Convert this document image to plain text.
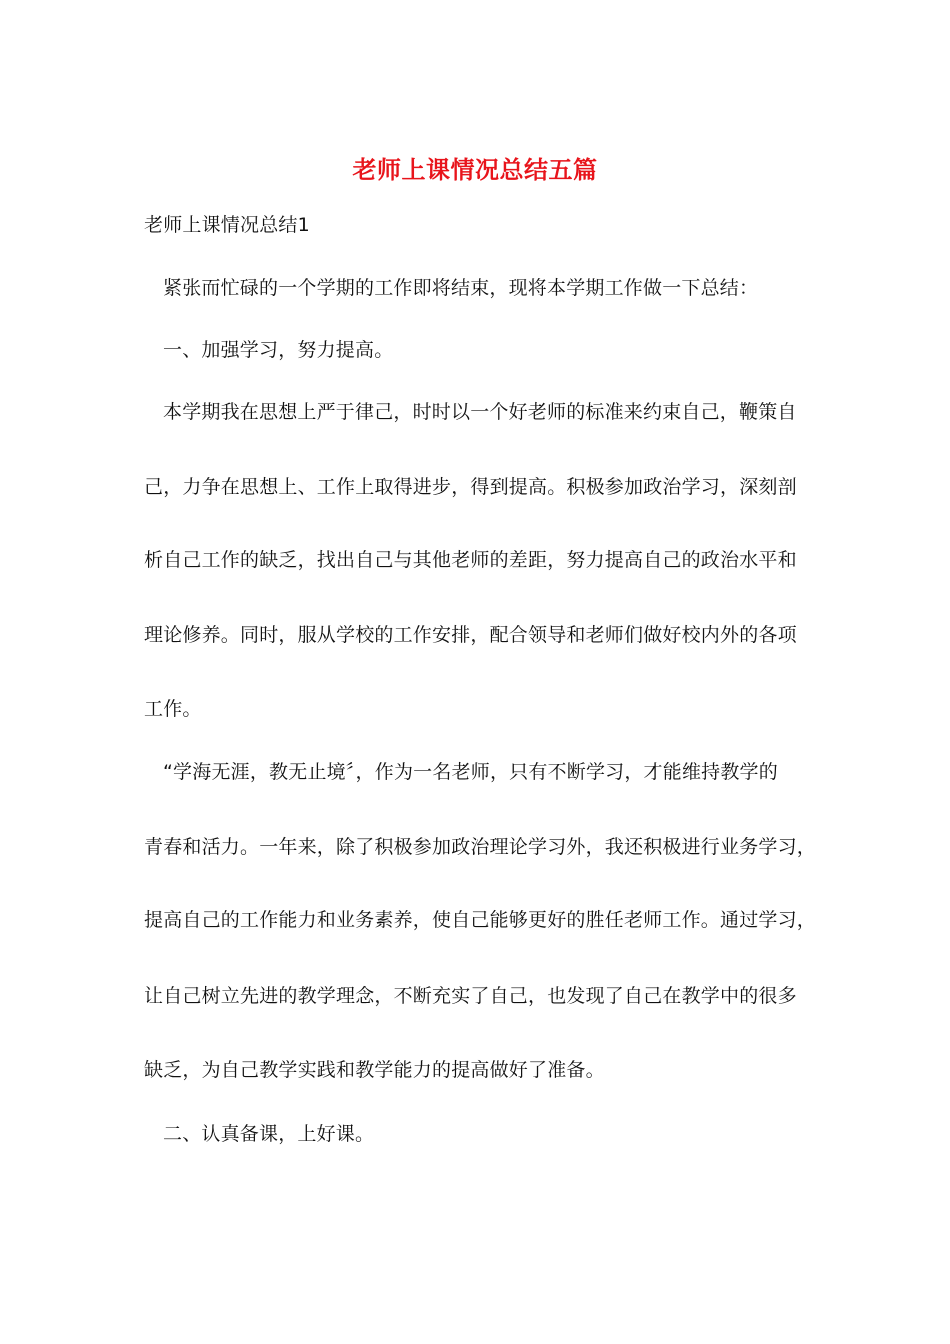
老师上课情况总结五篇
老师上课情况总结1
紧张而忙碌的一个学期的工作即将结束，现将本学期工作做一下总结：
一、加强学习，努力提高。
本学期我在思想上严于律己，时时以一个好老师的标准来约束自己，鞭策自
己，力争在思想上、工作上取得进步，得到提高。积极参加政治学习，深刻剖
析自己工作的缺乏，找出自己与其他老师的差距，努力提高自己的政治水平和
理论修养。同时，服从学校的工作安排，配合领导和老师们做好校内外的各项
工作。
“学海无涯，教无止境〞，作为一名老师，只有不断学习，才能维持教学的
青春和活力。一年来，除了积极参加政治理论学习外，我还积极进行业务学习，
提高自己的工作能力和业务素养，使自己能够更好的胜任老师工作。通过学习，
让自己树立先进的教学理念，不断充实了自己，也发现了自己在教学中的很多
缺乏，为自己教学实践和教学能力的提高做好了准备。
二、认真备课，上好课。
